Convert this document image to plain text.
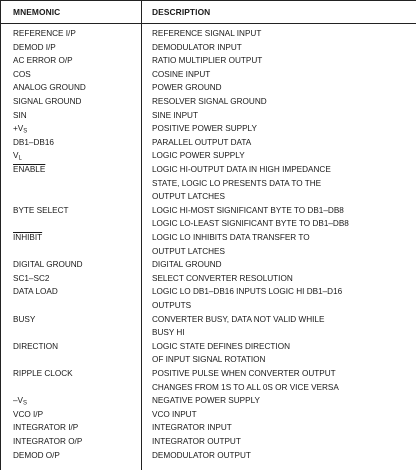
MNEMONIC	DESCRIPTION
REFERENCE I/P	REFERENCE SIGNAL INPUT
DEMOD I/P	DEMODULATOR INPUT
AC ERROR O/P	RATIO MULTIPLIER OUTPUT
COS	COSINE INPUT
ANALOG GROUND	POWER GROUND
SIGNAL GROUND	RESOLVER SIGNAL GROUND
SIN	SINE INPUT
$+V_S$	POSITIVE POWER SUPPLY
DB1–DB16	PARALLEL OUTPUT DATA
$V_L$	LOGIC POWER SUPPLY
ENABLE	LOGIC HI-OUTPUT DATA IN HIGH IMPEDANCE
STATE, LOGIC LO PRESENTS DATA TO THE
OUTPUT LATCHES
BYTE SELECT	LOGIC HI-MOST SIGNIFICANT BYTE TO DB1–DB8
LOGIC LO-LEAST SIGNIFICANT BYTE TO DB1–DB8
INHIBIT	LOGIC LO INHIBITS DATA TRANSFER TO
OUTPUT LATCHES
DIGITAL GROUND	DIGITAL GROUND
SC1–SC2	SELECT CONVERTER RESOLUTION
DATA LOAD	LOGIC LO DB1–DB16 INPUTS LOGIC HI DB1–D16
OUTPUTS
BUSY	CONVERTER BUSY, DATA NOT VALID WHILE
BUSY HI
DIRECTION	LOGIC STATE DEFINES DIRECTION
OF INPUT SIGNAL ROTATION
RIPPLE CLOCK	POSITIVE PULSE WHEN CONVERTER OUTPUT
CHANGES FROM 1S TO ALL 0S OR VICE VERSA
$-V_S$	NEGATIVE POWER SUPPLY
VCO I/P	VCO INPUT
INTEGRATOR I/P	INTEGRATOR INPUT
INTEGRATOR O/P	INTEGRATOR OUTPUT
DEMOD O/P	DEMODULATOR OUTPUT
